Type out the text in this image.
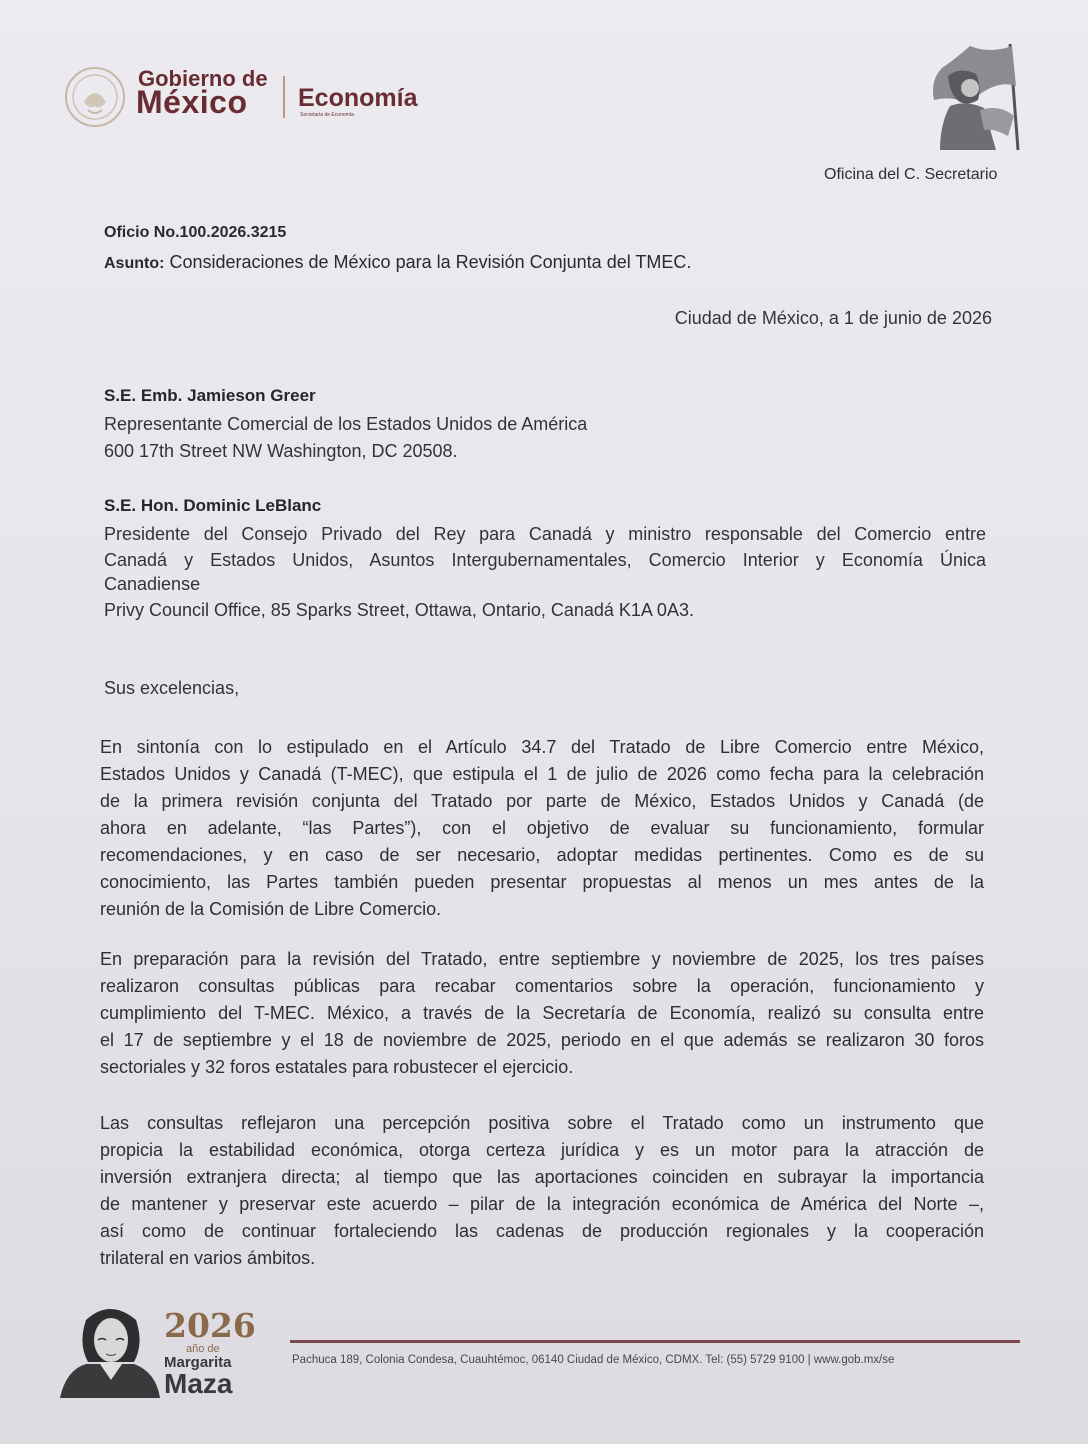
Gobierno de
México Economía
Secretaría de Economía
Oficina del C. Secretario
Oficio No.100.2026.3215
Asunto: Consideraciones de México para la Revisión Conjunta del TMEC.
Ciudad de México, a 1 de junio de 2026
S.E. Emb. Jamieson Greer
Representante Comercial de los Estados Unidos de América
600 17th Street NW Washington, DC 20508.
S.E. Hon. Dominic LeBlanc
Presidente del Consejo Privado del Rey para Canadá y ministro responsable del Comercio entre
Canadá y Estados Unidos, Asuntos Intergubernamentales, Comercio Interior y Economía Única
Canadiense
Privy Council Office, 85 Sparks Street, Ottawa, Ontario, Canadá K1A 0A3.
Sus excelencias,
En sintonía con lo estipulado en el Artículo 34.7 del Tratado de Libre Comercio entre México,
Estados Unidos y Canadá (T-MEC), que estipula el 1 de julio de 2026 como fecha para la celebración
de la primera revisión conjunta del Tratado por parte de México, Estados Unidos y Canadá (de
ahora en adelante, “las Partes”), con el objetivo de evaluar su funcionamiento, formular
recomendaciones, y en caso de ser necesario, adoptar medidas pertinentes. Como es de su
conocimiento, las Partes también pueden presentar propuestas al menos un mes antes de la
reunión de la Comisión de Libre Comercio.
En preparación para la revisión del Tratado, entre septiembre y noviembre de 2025, los tres países
realizaron consultas públicas para recabar comentarios sobre la operación, funcionamiento y
cumplimiento del T-MEC. México, a través de la Secretaría de Economía, realizó su consulta entre
el 17 de septiembre y el 18 de noviembre de 2025, periodo en el que además se realizaron 30 foros
sectoriales y 32 foros estatales para robustecer el ejercicio.
Las consultas reflejaron una percepción positiva sobre el Tratado como un instrumento que
propicia la estabilidad económica, otorga certeza jurídica y es un motor para la atracción de
inversión extranjera directa; al tiempo que las aportaciones coinciden en subrayar la importancia
de mantener y preservar este acuerdo – pilar de la integración económica de América del Norte –,
así como de continuar fortaleciendo las cadenas de producción regionales y la cooperación
trilateral en varios ámbitos.
2026
año de
Margarita
Maza
Pachuca 189, Colonia Condesa, Cuauhtémoc, 06140 Ciudad de México, CDMX. Tel: (55) 5729 9100 | www.gob.mx/se
